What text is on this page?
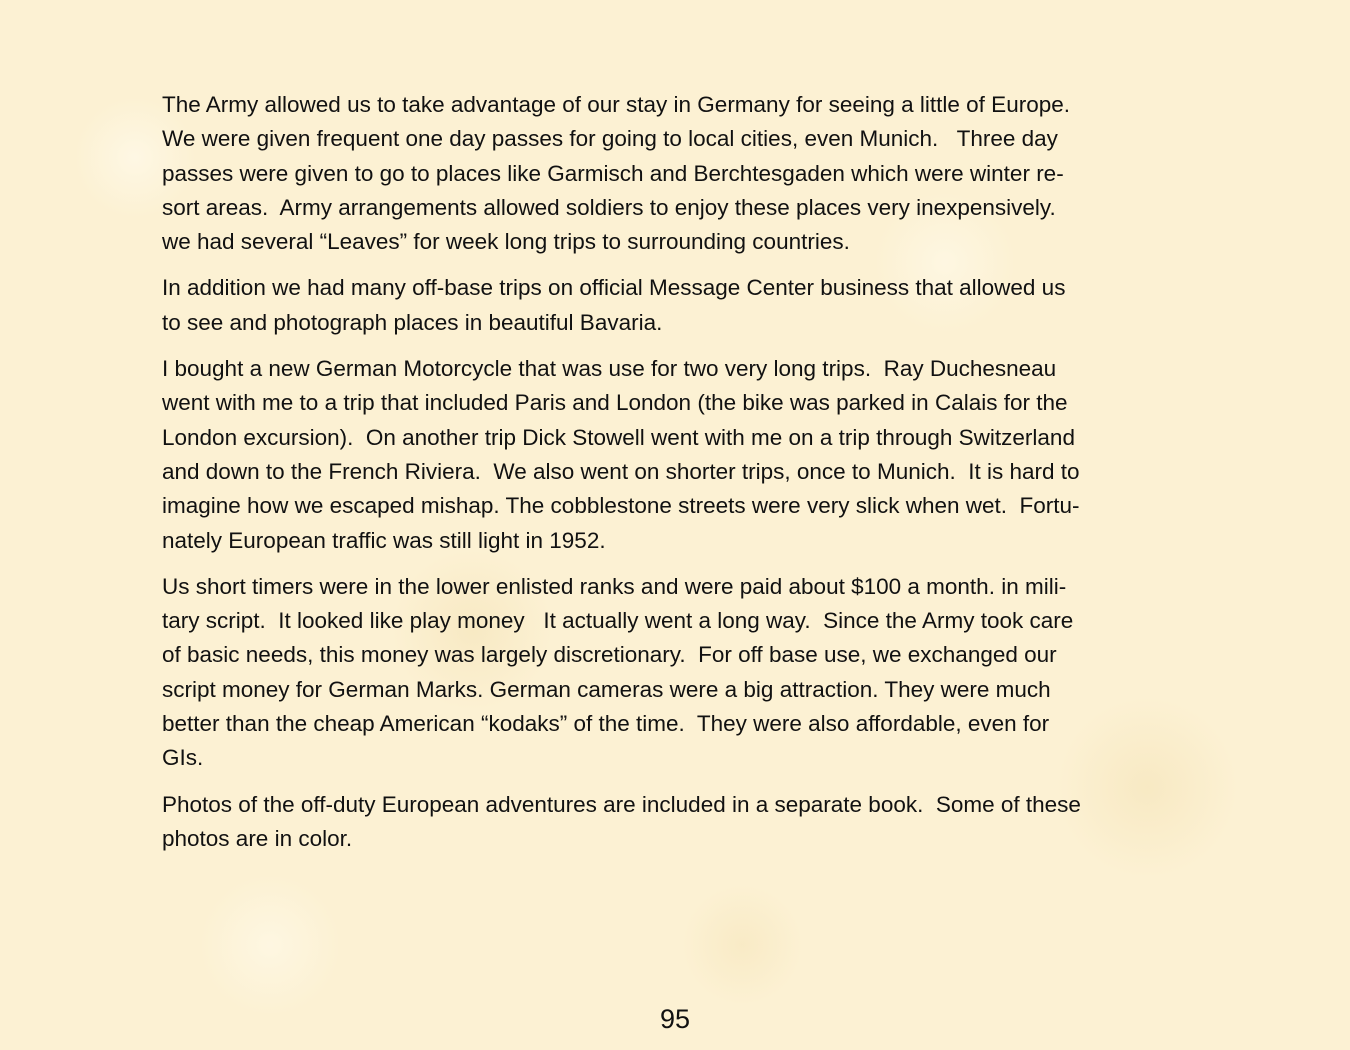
The Army allowed us to take advantage of our stay in Germany for seeing a little of Europe.
We were given frequent one day passes for going to local cities, even Munich.   Three day
passes were given to go to places like Garmisch and Berchtesgaden which were winter re-
sort areas.  Army arrangements allowed soldiers to enjoy these places very inexpensively.
we had several “Leaves” for week long trips to surrounding countries.

In addition we had many off-base trips on official Message Center business that allowed us
to see and photograph places in beautiful Bavaria.

I bought a new German Motorcycle that was use for two very long trips.  Ray Duchesneau
went with me to a trip that included Paris and London (the bike was parked in Calais for the
London excursion).  On another trip Dick Stowell went with me on a trip through Switzerland
and down to the French Riviera.  We also went on shorter trips, once to Munich.  It is hard to
imagine how we escaped mishap. The cobblestone streets were very slick when wet.  Fortu-
nately European traffic was still light in 1952.

Us short timers were in the lower enlisted ranks and were paid about $100 a month. in mili-
tary script.  It looked like play money   It actually went a long way.  Since the Army took care
of basic needs, this money was largely discretionary.  For off base use, we exchanged our
script money for German Marks. German cameras were a big attraction. They were much
better than the cheap American “kodaks” of the time.  They were also affordable, even for
GIs.

Photos of the off-duty European adventures are included in a separate book.  Some of these
photos are in color.

95
